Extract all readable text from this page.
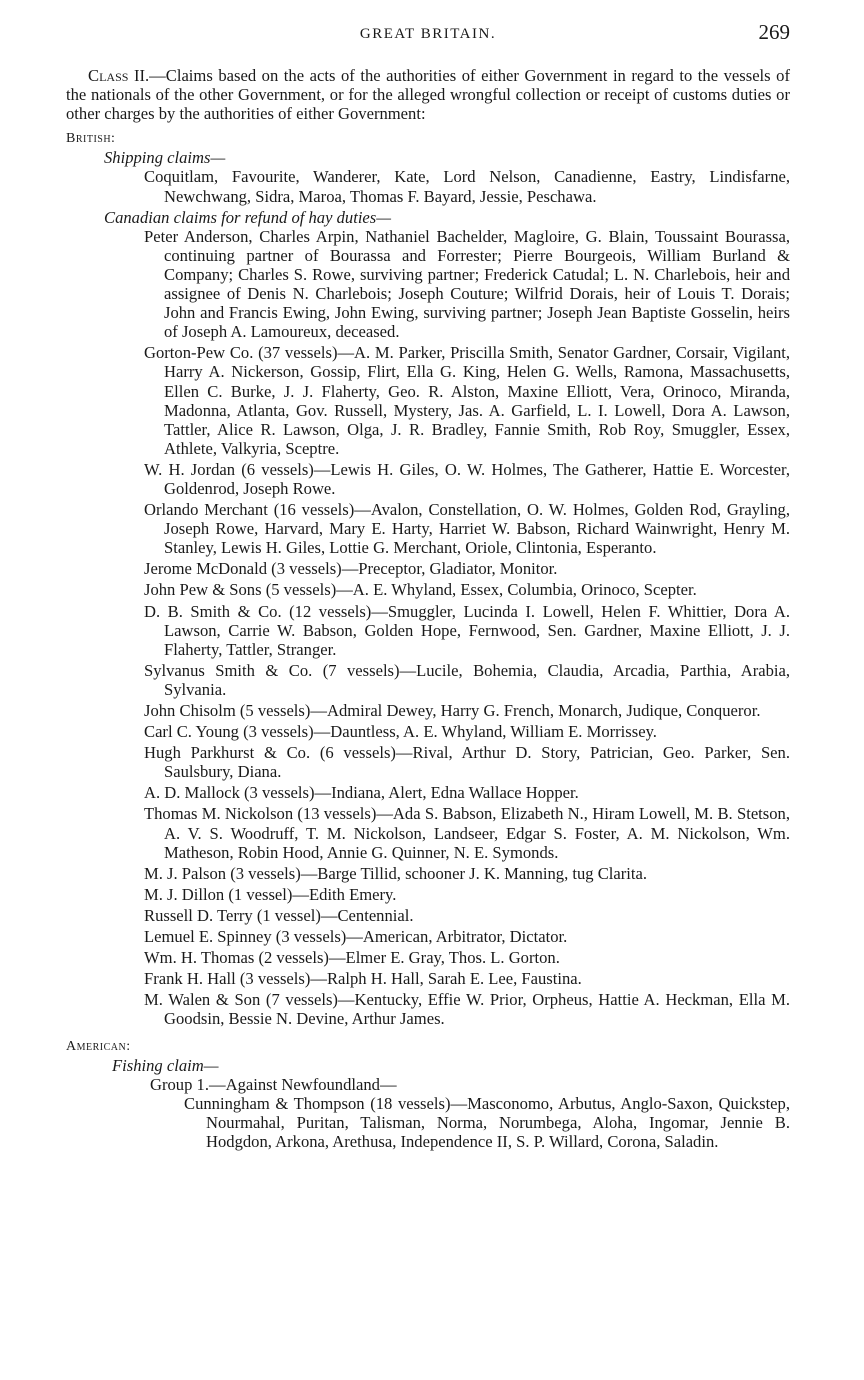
GREAT BRITAIN.	269

Class II.—Claims based on the acts of the authorities of either Government in regard to the vessels of the nationals of the other Government, or for the alleged wrongful collection or receipt of customs duties or other charges by the authorities of either Government:

British:
Shipping claims—
Coquitlam, Favourite, Wanderer, Kate, Lord Nelson, Canadienne, Eastry, Lindisfarne, Newchwang, Sidra, Maroa, Thomas F. Bayard, Jessie, Peschawa.
Canadian claims for refund of hay duties—
Peter Anderson, Charles Arpin, Nathaniel Bachelder, Magloire, G. Blain, Toussaint Bourassa, continuing partner of Bourassa and Forrester; Pierre Bourgeois, William Burland & Company; Charles S. Rowe, surviving partner; Frederick Catudal; L. N. Charlebois, heir and assignee of Denis N. Charlebois; Joseph Couture; Wilfrid Dorais, heir of Louis T. Dorais; John and Francis Ewing, John Ewing, surviving partner; Joseph Jean Baptiste Gosselin, heirs of Joseph A. Lamoureux, deceased.
Gorton-Pew Co. (37 vessels)—A. M. Parker, Priscilla Smith, Senator Gardner, Corsair, Vigilant, Harry A. Nickerson, Gossip, Flirt, Ella G. King, Helen G. Wells, Ramona, Massachusetts, Ellen C. Burke, J. J. Flaherty, Geo. R. Alston, Maxine Elliott, Vera, Orinoco, Miranda, Madonna, Atlanta, Gov. Russell, Mystery, Jas. A. Garfield, L. I. Lowell, Dora A. Lawson, Tattler, Alice R. Lawson, Olga, J. R. Bradley, Fannie Smith, Rob Roy, Smuggler, Essex, Athlete, Valkyria, Sceptre.
W. H. Jordan (6 vessels)—Lewis H. Giles, O. W. Holmes, The Gatherer, Hattie E. Worcester, Goldenrod, Joseph Rowe.
Orlando Merchant (16 vessels)—Avalon, Constellation, O. W. Holmes, Golden Rod, Grayling, Joseph Rowe, Harvard, Mary E. Harty, Harriet W. Babson, Richard Wainwright, Henry M. Stanley, Lewis H. Giles, Lottie G. Merchant, Oriole, Clintonia, Esperanto.
Jerome McDonald (3 vessels)—Preceptor, Gladiator, Monitor.
John Pew & Sons (5 vessels)—A. E. Whyland, Essex, Columbia, Orinoco, Scepter.
D. B. Smith & Co. (12 vessels)—Smuggler, Lucinda I. Lowell, Helen F. Whittier, Dora A. Lawson, Carrie W. Babson, Golden Hope, Fernwood, Sen. Gardner, Maxine Elliott, J. J. Flaherty, Tattler, Stranger.
Sylvanus Smith & Co. (7 vessels)—Lucile, Bohemia, Claudia, Arcadia, Parthia, Arabia, Sylvania.
John Chisolm (5 vessels)—Admiral Dewey, Harry G. French, Monarch, Judique, Conqueror.
Carl C. Young (3 vessels)—Dauntless, A. E. Whyland, William E. Morrissey.
Hugh Parkhurst & Co. (6 vessels)—Rival, Arthur D. Story, Patrician, Geo. Parker, Sen. Saulsbury, Diana.
A. D. Mallock (3 vessels)—Indiana, Alert, Edna Wallace Hopper.
Thomas M. Nickolson (13 vessels)—Ada S. Babson, Elizabeth N., Hiram Lowell, M. B. Stetson, A. V. S. Woodruff, T. M. Nickolson, Landseer, Edgar S. Foster, A. M. Nickolson, Wm. Matheson, Robin Hood, Annie G. Quinner, N. E. Symonds.
M. J. Palson (3 vessels)—Barge Tillid, schooner J. K. Manning, tug Clarita.
M. J. Dillon (1 vessel)—Edith Emery.
Russell D. Terry (1 vessel)—Centennial.
Lemuel E. Spinney (3 vessels)—American, Arbitrator, Dictator.
Wm. H. Thomas (2 vessels)—Elmer E. Gray, Thos. L. Gorton.
Frank H. Hall (3 vessels)—Ralph H. Hall, Sarah E. Lee, Faustina.
M. Walen & Son (7 vessels)—Kentucky, Effie W. Prior, Orpheus, Hattie A. Heckman, Ella M. Goodsin, Bessie N. Devine, Arthur James.
American:
Fishing claim—
Group 1.—Against Newfoundland—
Cunningham & Thompson (18 vessels)—Masconomo, Arbutus, Anglo-Saxon, Quickstep, Nourmahal, Puritan, Talisman, Norma, Norumbega, Aloha, Ingomar, Jennie B. Hodgdon, Arkona, Arethusa, Independence II, S. P. Willard, Corona, Saladin.
